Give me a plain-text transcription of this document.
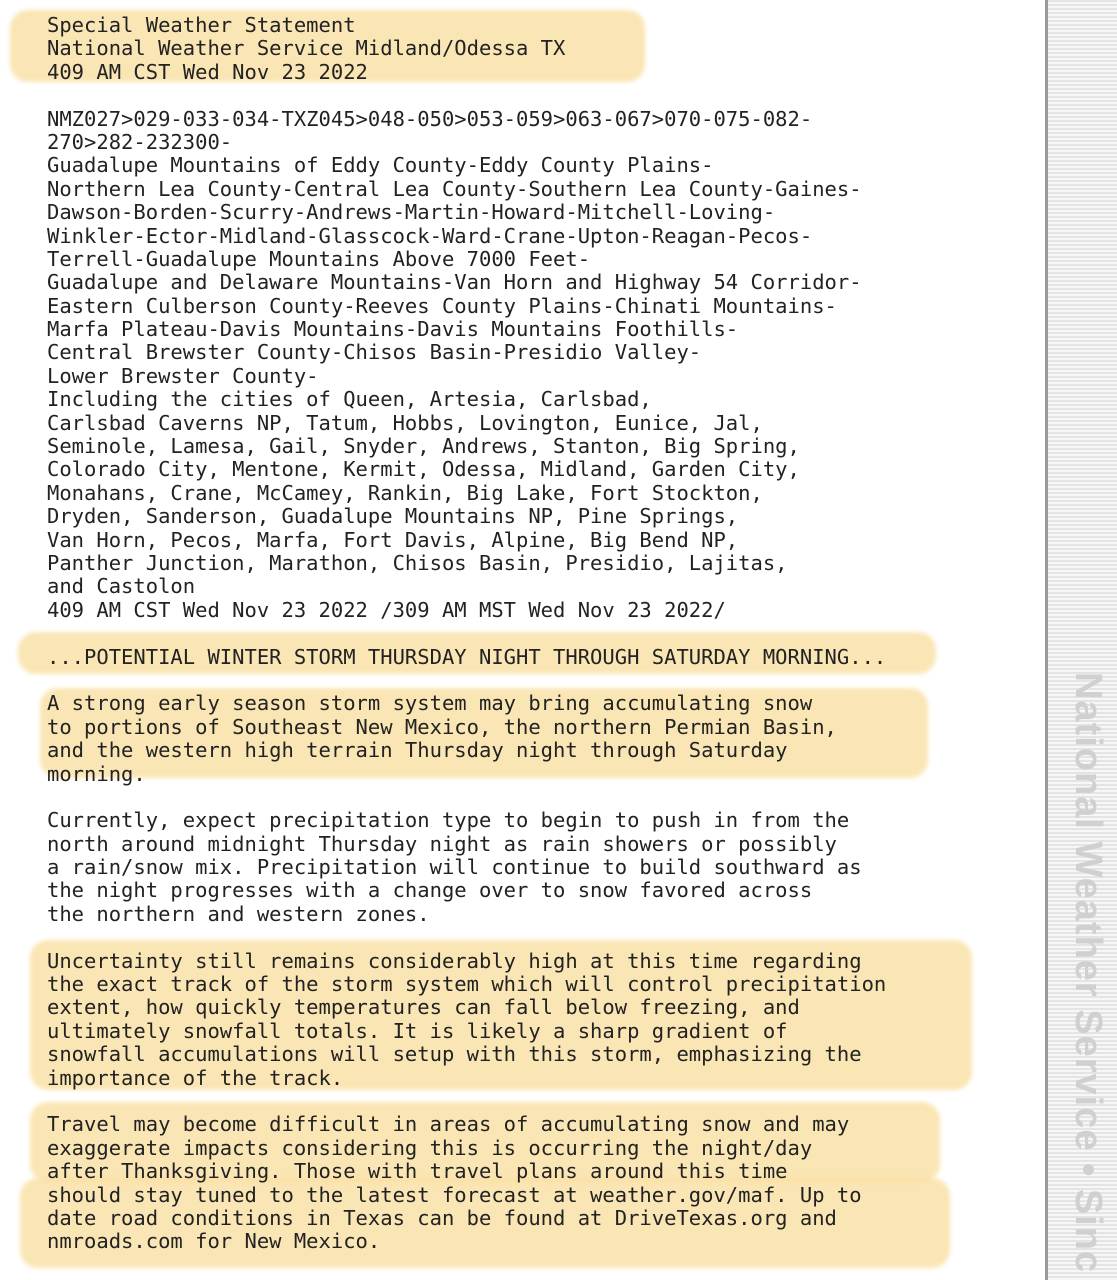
Special Weather Statement
National Weather Service Midland/Odessa TX
409 AM CST Wed Nov 23 2022
NMZ027>029-033-034-TXZ045>048-050>053-059>063-067>070-075-082-
270>282-232300-
Guadalupe Mountains of Eddy County-Eddy County Plains-
Northern Lea County-Central Lea County-Southern Lea County-Gaines-
Dawson-Borden-Scurry-Andrews-Martin-Howard-Mitchell-Loving-
Winkler-Ector-Midland-Glasscock-Ward-Crane-Upton-Reagan-Pecos-
Terrell-Guadalupe Mountains Above 7000 Feet-
Guadalupe and Delaware Mountains-Van Horn and Highway 54 Corridor-
Eastern Culberson County-Reeves County Plains-Chinati Mountains-
Marfa Plateau-Davis Mountains-Davis Mountains Foothills-
Central Brewster County-Chisos Basin-Presidio Valley-
Lower Brewster County-
Including the cities of Queen, Artesia, Carlsbad,
Carlsbad Caverns NP, Tatum, Hobbs, Lovington, Eunice, Jal,
Seminole, Lamesa, Gail, Snyder, Andrews, Stanton, Big Spring,
Colorado City, Mentone, Kermit, Odessa, Midland, Garden City,
Monahans, Crane, McCamey, Rankin, Big Lake, Fort Stockton,
Dryden, Sanderson, Guadalupe Mountains NP, Pine Springs,
Van Horn, Pecos, Marfa, Fort Davis, Alpine, Big Bend NP,
Panther Junction, Marathon, Chisos Basin, Presidio, Lajitas,
and Castolon
409 AM CST Wed Nov 23 2022 /309 AM MST Wed Nov 23 2022/
...POTENTIAL WINTER STORM THURSDAY NIGHT THROUGH SATURDAY MORNING...
A strong early season storm system may bring accumulating snow
to portions of Southeast New Mexico, the northern Permian Basin,
and the western high terrain Thursday night through Saturday
morning.
Currently, expect precipitation type to begin to push in from the
north around midnight Thursday night as rain showers or possibly
a rain/snow mix. Precipitation will continue to build southward as
the night progresses with a change over to snow favored across
the northern and western zones.
Uncertainty still remains considerably high at this time regarding
the exact track of the storm system which will control precipitation
extent, how quickly temperatures can fall below freezing, and
ultimately snowfall totals. It is likely a sharp gradient of
snowfall accumulations will setup with this storm, emphasizing the
importance of the track.
Travel may become difficult in areas of accumulating snow and may
exaggerate impacts considering this is occurring the night/day
after Thanksgiving. Those with travel plans around this time
should stay tuned to the latest forecast at weather.gov/maf. Up to
date road conditions in Texas can be found at DriveTexas.org and
nmroads.com for New Mexico.	National Weather Service • Sinc
